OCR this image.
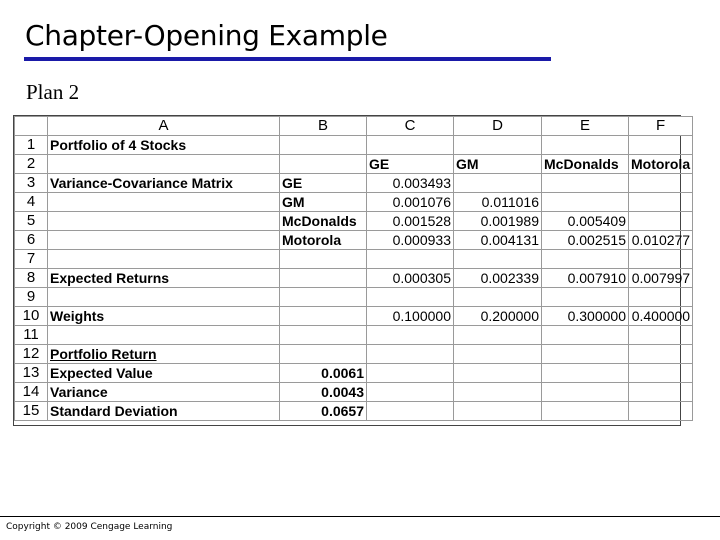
Chapter-Opening Example
Plan 2
	A	B	C	D	E	F
1	Portfolio of 4 Stocks					
2			GE	GM	McDonalds	Motorola
3	Variance-Covariance Matrix	GE	0.003493			
4		GM	0.001076	0.011016		
5		McDonalds	0.001528	0.001989	0.005409	
6		Motorola	0.000933	0.004131	0.002515	0.010277
7						
8	Expected Returns		0.000305	0.002339	0.007910	0.007997
9						
10	Weights		0.100000	0.200000	0.300000	0.400000
11						
12	Portfolio Return					
13	Expected Value	0.0061				
14	Variance	0.0043				
15	Standard Deviation	0.0657				
Copyright © 2009 Cengage Learning
